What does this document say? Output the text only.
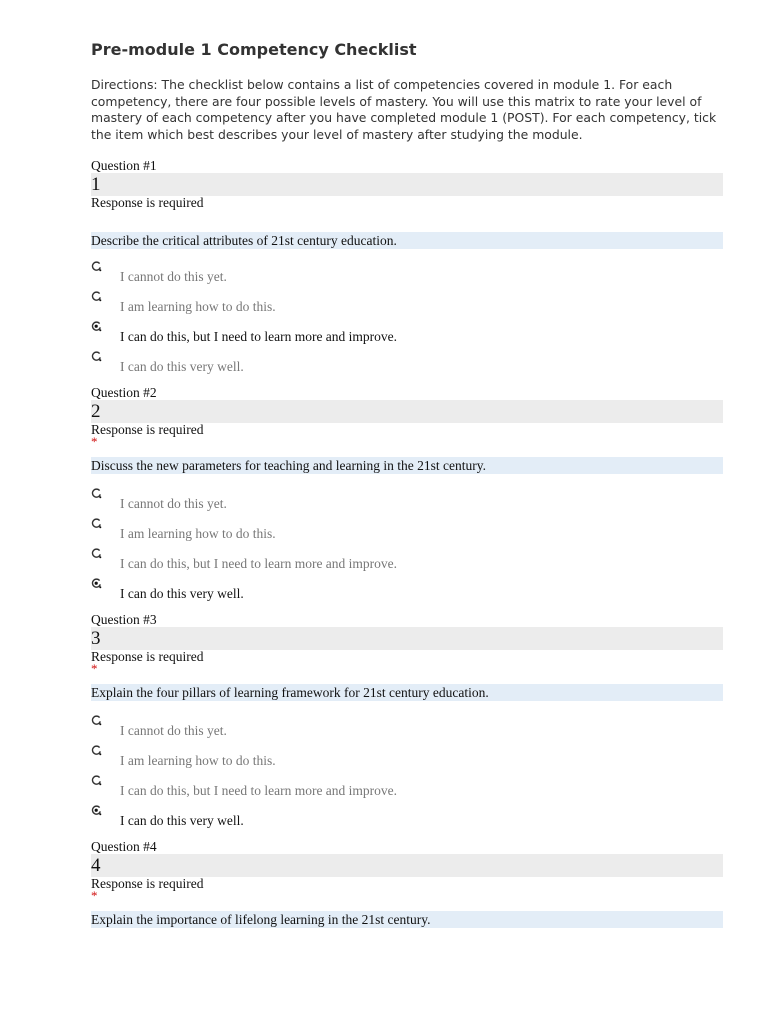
Pre-module 1 Competency Checklist
Directions: The checklist below contains a list of competencies covered in module 1. For each competency, there are four possible levels of mastery. You will use this matrix to rate your level of mastery of each competency after you have completed module 1 (POST). For each competency, tick the item which best describes your level of mastery after studying the module.
Question #1
1
Response is required
Describe the critical attributes of 21st century education.
I cannot do this yet.
I am learning how to do this.
I can do this, but I need to learn more and improve.
I can do this very well.
Question #2
2
Response is required
*
Discuss the new parameters for teaching and learning in the 21st century.
I cannot do this yet.
I am learning how to do this.
I can do this, but I need to learn more and improve.
I can do this very well.
Question #3
3
Response is required
*
Explain the four pillars of learning framework for 21st century education.
I cannot do this yet.
I am learning how to do this.
I can do this, but I need to learn more and improve.
I can do this very well.
Question #4
4
Response is required
*
Explain the importance of lifelong learning in the 21st century.
